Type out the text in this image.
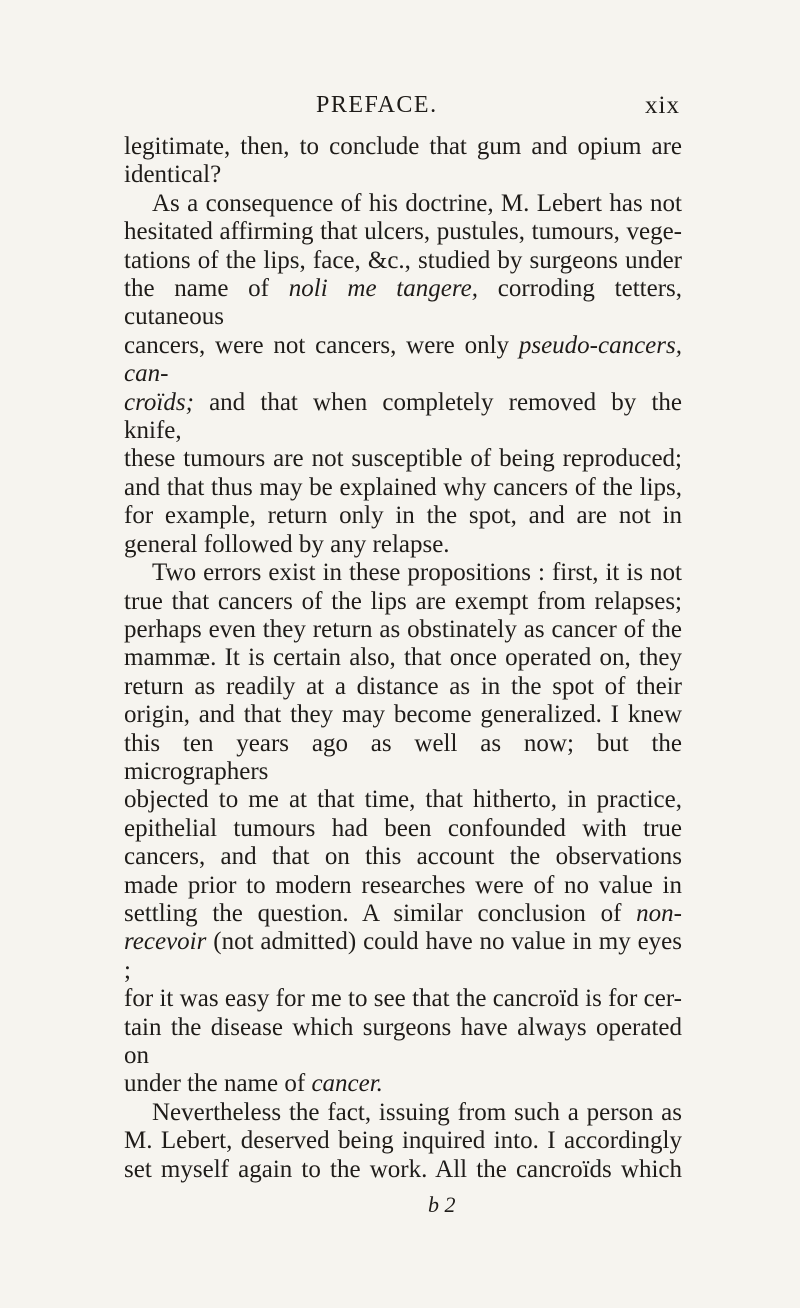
PREFACE.	xix

legitimate, then, to conclude that gum and opium are

identical?

As a consequence of his doctrine, M. Lebert has not

hesitated affirming that ulcers, pustules, tumours, vege-

tations of the lips, face, &c., studied by surgeons under

the name of noli me tangere, corroding tetters, cutaneous

cancers, were not cancers, were only pseudo-cancers, can-

croïds; and that when completely removed by the knife,

these tumours are not susceptible of being reproduced;

and that thus may be explained why cancers of the lips,

for example, return only in the spot, and are not in

general followed by any relapse.

Two errors exist in these propositions : first, it is not

true that cancers of the lips are exempt from relapses;

perhaps even they return as obstinately as cancer of the

mammæ. It is certain also, that once operated on, they

return as readily at a distance as in the spot of their

origin, and that they may become generalized. I knew

this ten years ago as well as now; but the micrographers

objected to me at that time, that hitherto, in practice,

epithelial tumours had been confounded with true

cancers, and that on this account the observations

made prior to modern researches were of no value in

settling the question. A similar conclusion of non-

recevoir (not admitted) could have no value in my eyes ;

for it was easy for me to see that the cancroïd is for cer-

tain the disease which surgeons have always operated on

under the name of cancer.

Nevertheless the fact, issuing from such a person as

M. Lebert, deserved being inquired into. I accordingly

set myself again to the work. All the cancroïds which

b 2
